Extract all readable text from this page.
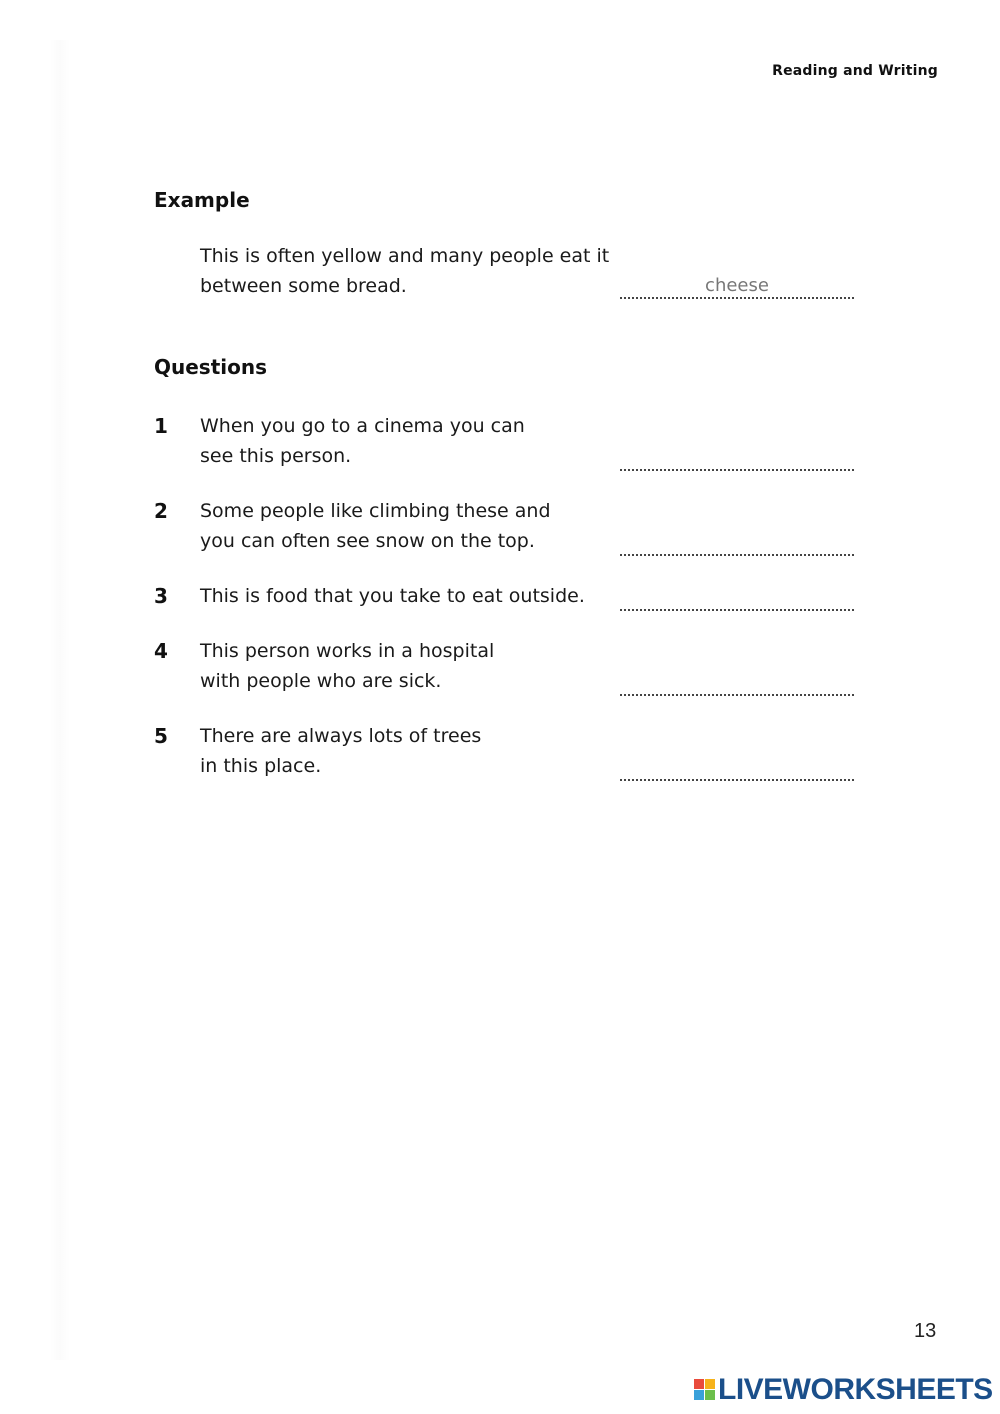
Reading and Writing
Example
This is often yellow and many people eat it
between some bread.	cheese
Questions
1 When you go to a cinema you can
see this person.
2 Some people like climbing these and
you can often see snow on the top.
3 This is food that you take to eat outside.
4 This person works in a hospital
with people who are sick.
5 There are always lots of trees
in this place.
13
LIVEWORKSHEETS
